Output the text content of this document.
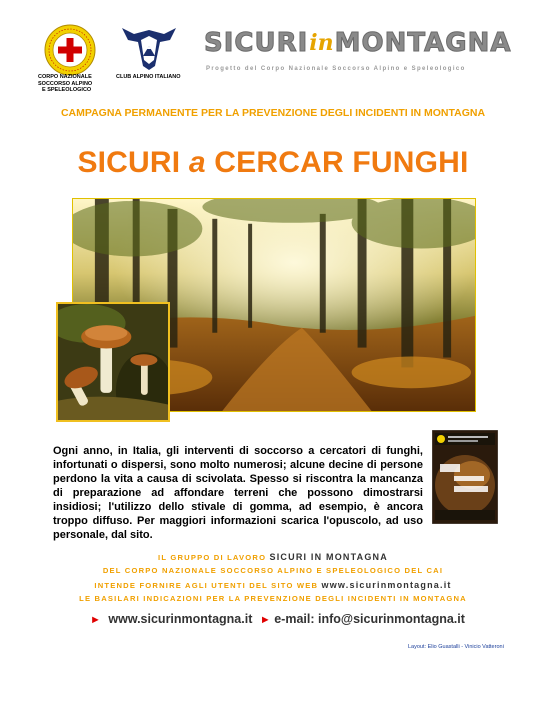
CORPO NAZIONALE
SOCCORSO ALPINO
E SPELEOLOGICO
CLUB ALPINO ITALIANO
SICURIinMONTAGNA
Progetto del Corpo Nazionale Soccorso Alpino e Speleologico
CAMPAGNA PERMANENTE PER LA PREVENZIONE DEGLI INCIDENTI IN MONTAGNA
SICURI a CERCAR FUNGHI
Ogni anno, in Italia, gli interventi di soccorso a cercatori di funghi, infortunati o dispersi, sono molto numerosi; alcune decine di persone perdono la vita a causa di scivolata. Spesso si riscontra la mancanza di preparazione ad affondare terreni che possono dimostrarsi insidiosi; l'utilizzo dello stivale di gomma, ad esempio, è ancora troppo diffuso. Per maggiori informazioni scarica l'opuscolo, ad uso personale, dal sito.
IL GRUPPO DI LAVORO SICURI IN MONTAGNA
DEL CORPO NAZIONALE SOCCORSO ALPINO E SPELEOLOGICO DEL CAI
INTENDE FORNIRE AGLI UTENTI DEL SITO WEB www.sicurinmontagna.it
LE BASILARI INDICAZIONI PER LA PREVENZIONE DEGLI INCIDENTI IN MONTAGNA
► www.sicurinmontagna.it ► e-mail: info@sicurinmontagna.it
Layout: Elio Guastalli - Vinicio Vatteroni
